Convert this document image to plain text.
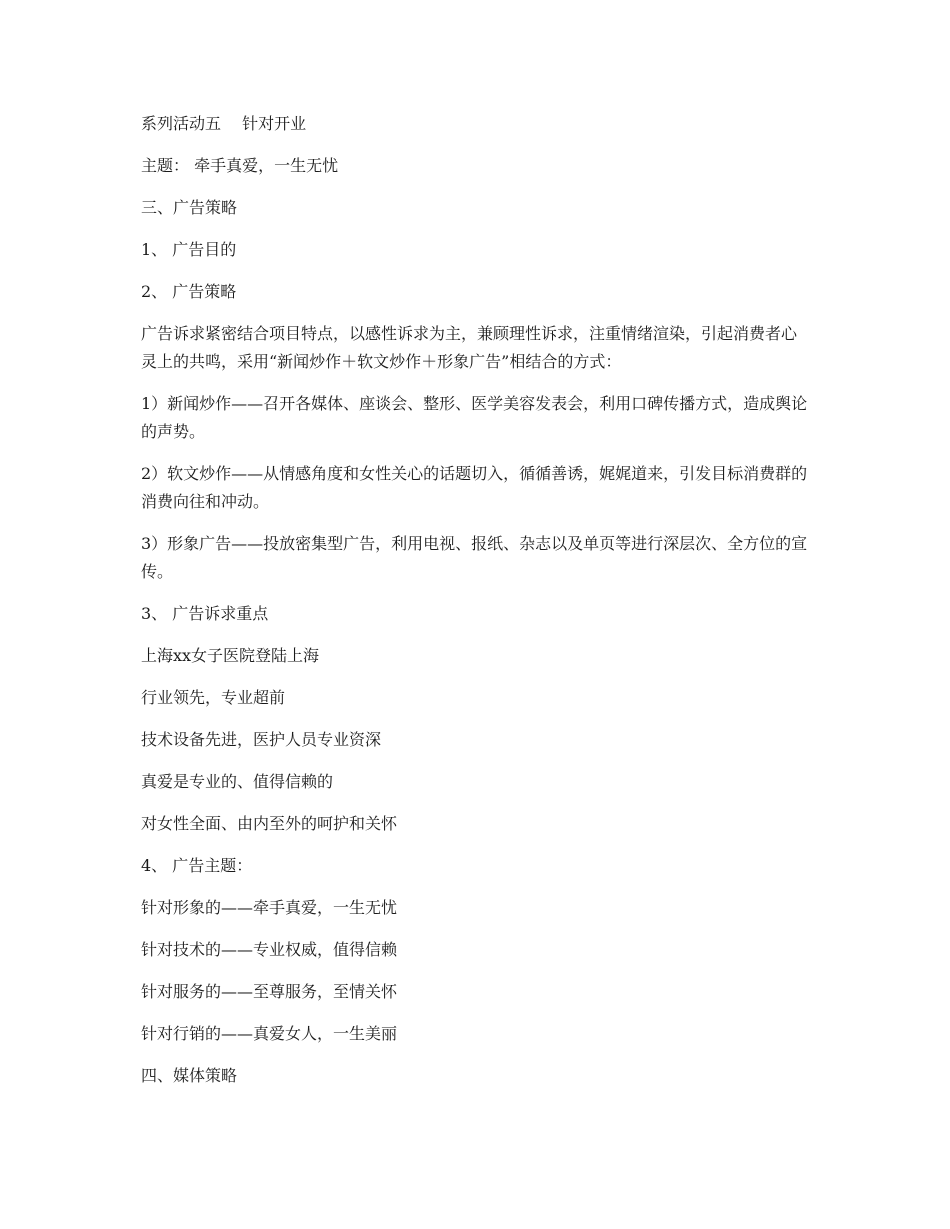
系列活动五　 针对开业

主题： 牵手真爱，一生无忧

三、广告策略

1、 广告目的

2、 广告策略

广告诉求紧密结合项目特点，以感性诉求为主，兼顾理性诉求，注重情绪渲染，引起消费者心灵上的共鸣，采用“新闻炒作＋软文炒作＋形象广告”相结合的方式：

1）新闻炒作——召开各媒体、座谈会、整形、医学美容发表会，利用口碑传播方式，造成舆论的声势。

2）软文炒作——从情感角度和女性关心的话题切入，循循善诱，娓娓道来，引发目标消费群的消费向往和冲动。

3）形象广告——投放密集型广告，利用电视、报纸、杂志以及单页等进行深层次、全方位的宣传。

3、 广告诉求重点

上海xx女子医院登陆上海

行业领先，专业超前

技术设备先进，医护人员专业资深

真爱是专业的、值得信赖的

对女性全面、由内至外的呵护和关怀

4、 广告主题：

针对形象的——牵手真爱，一生无忧

针对技术的——专业权威，值得信赖

针对服务的——至尊服务，至情关怀

针对行销的——真爱女人，一生美丽

四、媒体策略
